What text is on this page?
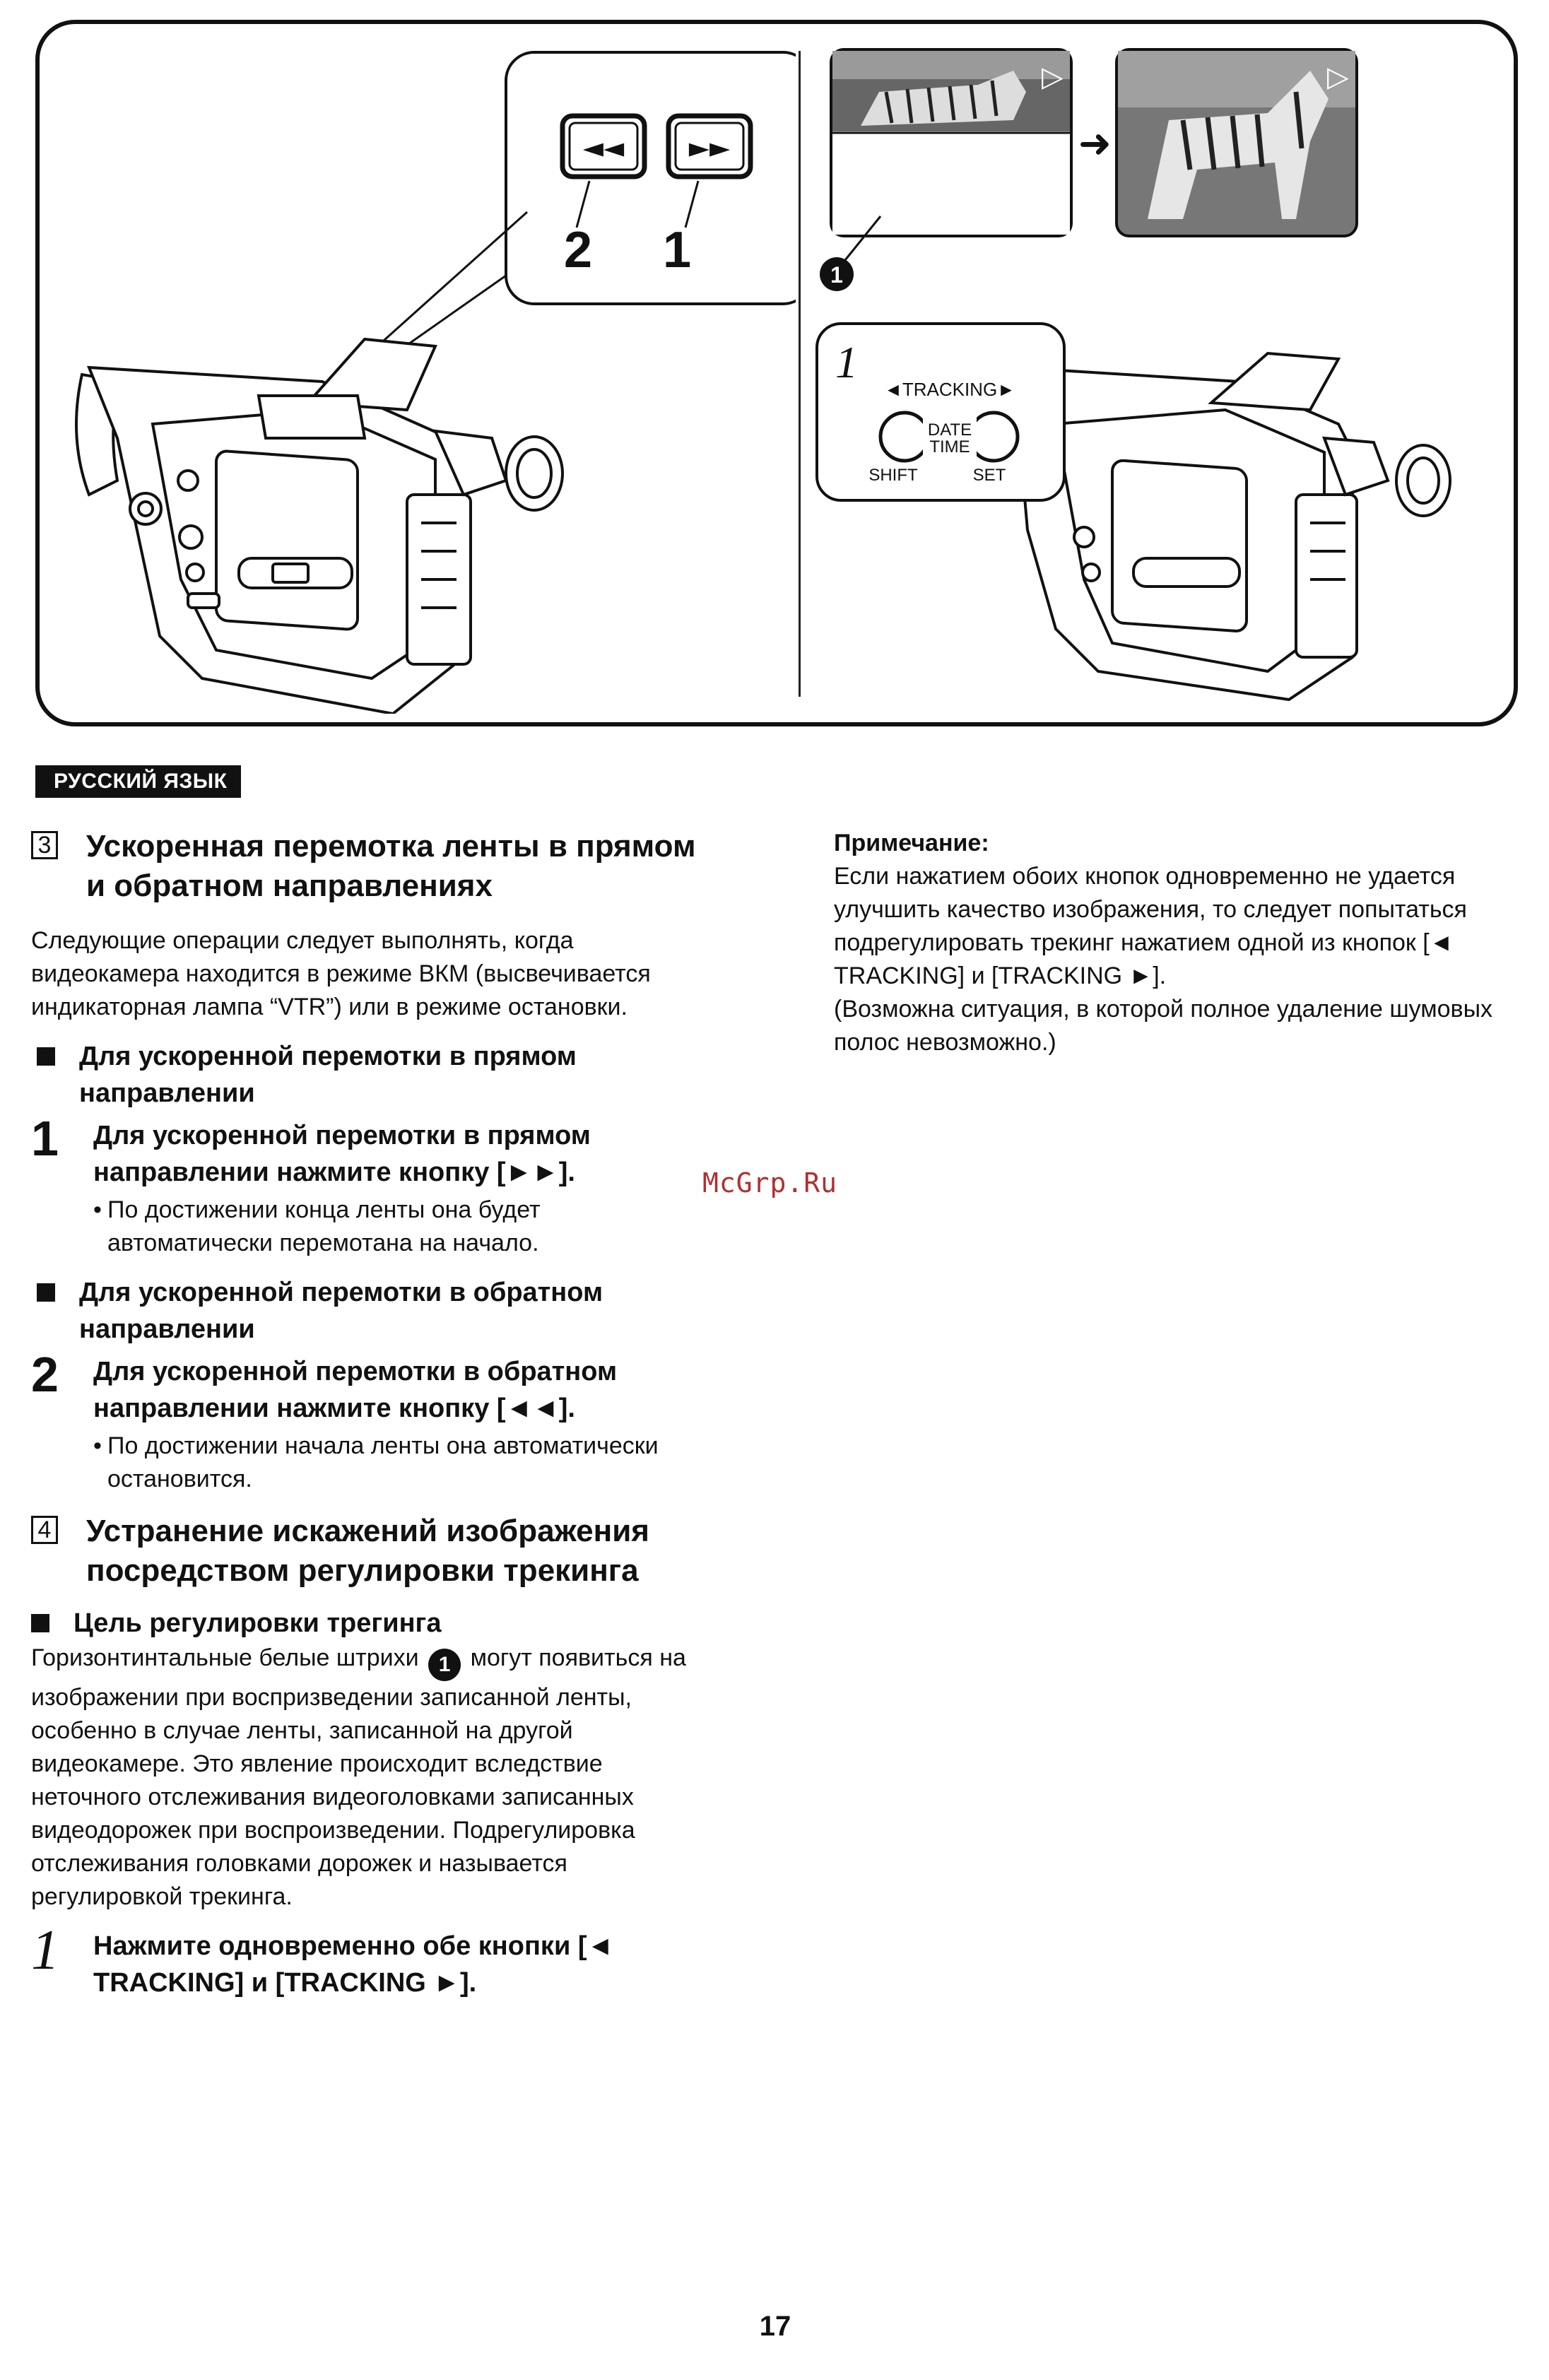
◄◄ ►►
2 1
▷
1
➜
▷
1
◄TRACKING►
DATE
TIME
SHIFT	SET
РУССКИЙ ЯЗЫК
3 Ускоренная перемотка ленты в прямом и обратном направлениях

Следующие операции следует выполнять, когда видеокамера находится в режиме ВКМ (высвечивается индикаторная лампа “VTR”) или в режиме остановки.

Для ускоренной перемотки в прямом направлении
1	Для ускоренной перемотки в прямом направлении нажмите кнопку [►►].
• По достижении конца ленты она будет автоматически перемотана на начало.
Для ускоренной перемотки в обратном направлении
2	Для ускоренной перемотки в обратном направлении нажмите кнопку [◄◄].
• По достижении начала ленты она автоматически остановится.
4 Устранение искажений изображения посредством регулировки трекинга
Цель регулировки трегинга

Горизонтинтальные белые штрихи 1 могут появиться на изображении при воспризведении записанной ленты, особенно в случае ленты, записанной на другой видеокамере. Это явление происходит вследствие неточного отслеживания видеоголовками записанных видеодорожек при воспроизведении. Подрегулировка отслеживания головками дорожек и называется регулировкой трекинга.

1	Нажмите одновременно обе кнопки [◄ TRACKING] и [TRACKING ►].
Примечание:

Если нажатием обоих кнопок одновременно не удается улучшить качество изображения, то следует попытаться подрегулировать трекинг нажатием одной из кнопок [◄ TRACKING] и [TRACKING ►].

(Возможна ситуация, в которой полное удаление шумовых полос невозможно.)

McGrp.Ru
17
